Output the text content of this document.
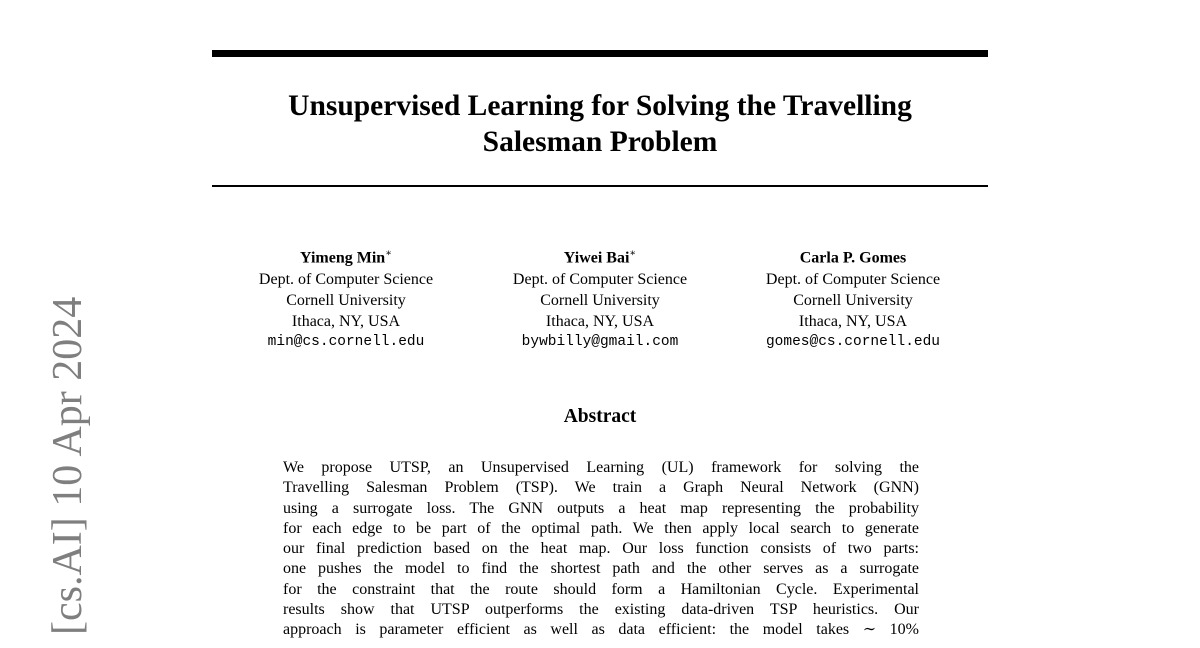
[cs.AI] 10 Apr 2024
Unsupervised Learning for Solving the Travelling
Salesman Problem
Yimeng Min∗
Dept. of Computer Science
Cornell University
Ithaca, NY, USA
min@cs.cornell.edu
Yiwei Bai∗
Dept. of Computer Science
Cornell University
Ithaca, NY, USA
bywbilly@gmail.com
Carla P. Gomes
Dept. of Computer Science
Cornell University
Ithaca, NY, USA
gomes@cs.cornell.edu
Abstract
We propose UTSP, an Unsupervised Learning (UL) framework for solving the
Travelling Salesman Problem (TSP). We train a Graph Neural Network (GNN)
using a surrogate loss. The GNN outputs a heat map representing the probability
for each edge to be part of the optimal path. We then apply local search to generate
our final prediction based on the heat map. Our loss function consists of two parts:
one pushes the model to find the shortest path and the other serves as a surrogate
for the constraint that the route should form a Hamiltonian Cycle. Experimental
results show that UTSP outperforms the existing data-driven TSP heuristics. Our
approach is parameter efficient as well as data efficient: the model takes ∼ 10%
